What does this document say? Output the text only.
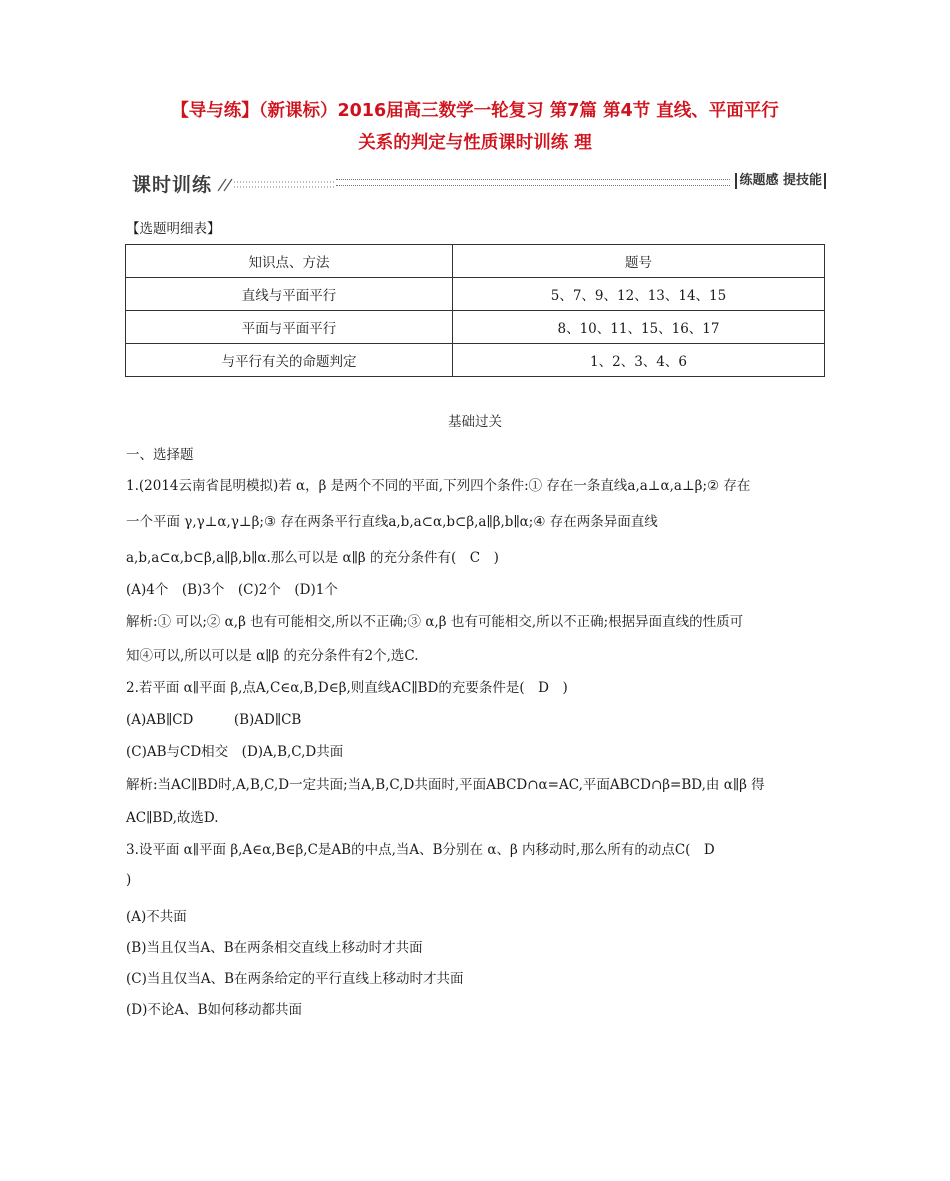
【导与练】（新课标）2016届高三数学一轮复习 第7篇 第4节 直线、平面平行
关系的判定与性质课时训练 理
课时训练	练题感 提技能
【选题明细表】
知识点、方法	题号
直线与平面平行	5、7、9、12、13、14、15
平面与平面平行	8、10、11、15、16、17
与平行有关的命题判定	1、2、3、4、6
基础过关
一、选择题
1.(2014云南省昆明模拟)若 α，β 是两个不同的平面,下列四个条件:① 存在一条直线a,a⊥α,a⊥β;② 存在
一个平面 γ,γ⊥α,γ⊥β;③ 存在两条平行直线a,b,a⊂α,b⊂β,a∥β,b∥α;④ 存在两条异面直线
a,b,a⊂α,b⊂β,a∥β,b∥α.那么可以是 α∥β 的充分条件有(　C　)
(A)4个　(B)3个　(C)2个　(D)1个
解析:① 可以;② α,β 也有可能相交,所以不正确;③ α,β 也有可能相交,所以不正确;根据异面直线的性质可
知④可以,所以可以是 α∥β 的充分条件有2个,选C.
2.若平面 α∥平面 β,点A,C∈α,B,D∈β,则直线AC∥BD的充要条件是(　D　)
(A)AB∥CD　　　(B)AD∥CB
(C)AB与CD相交　(D)A,B,C,D共面
解析:当AC∥BD时,A,B,C,D一定共面;当A,B,C,D共面时,平面ABCD∩α=AC,平面ABCD∩β=BD,由 α∥β 得
AC∥BD,故选D.
3.设平面 α∥平面 β,A∈α,B∈β,C是AB的中点,当A、B分别在 α、β 内移动时,那么所有的动点C(　D
)
(A)不共面
(B)当且仅当A、B在两条相交直线上移动时才共面
(C)当且仅当A、B在两条给定的平行直线上移动时才共面
(D)不论A、B如何移动都共面
